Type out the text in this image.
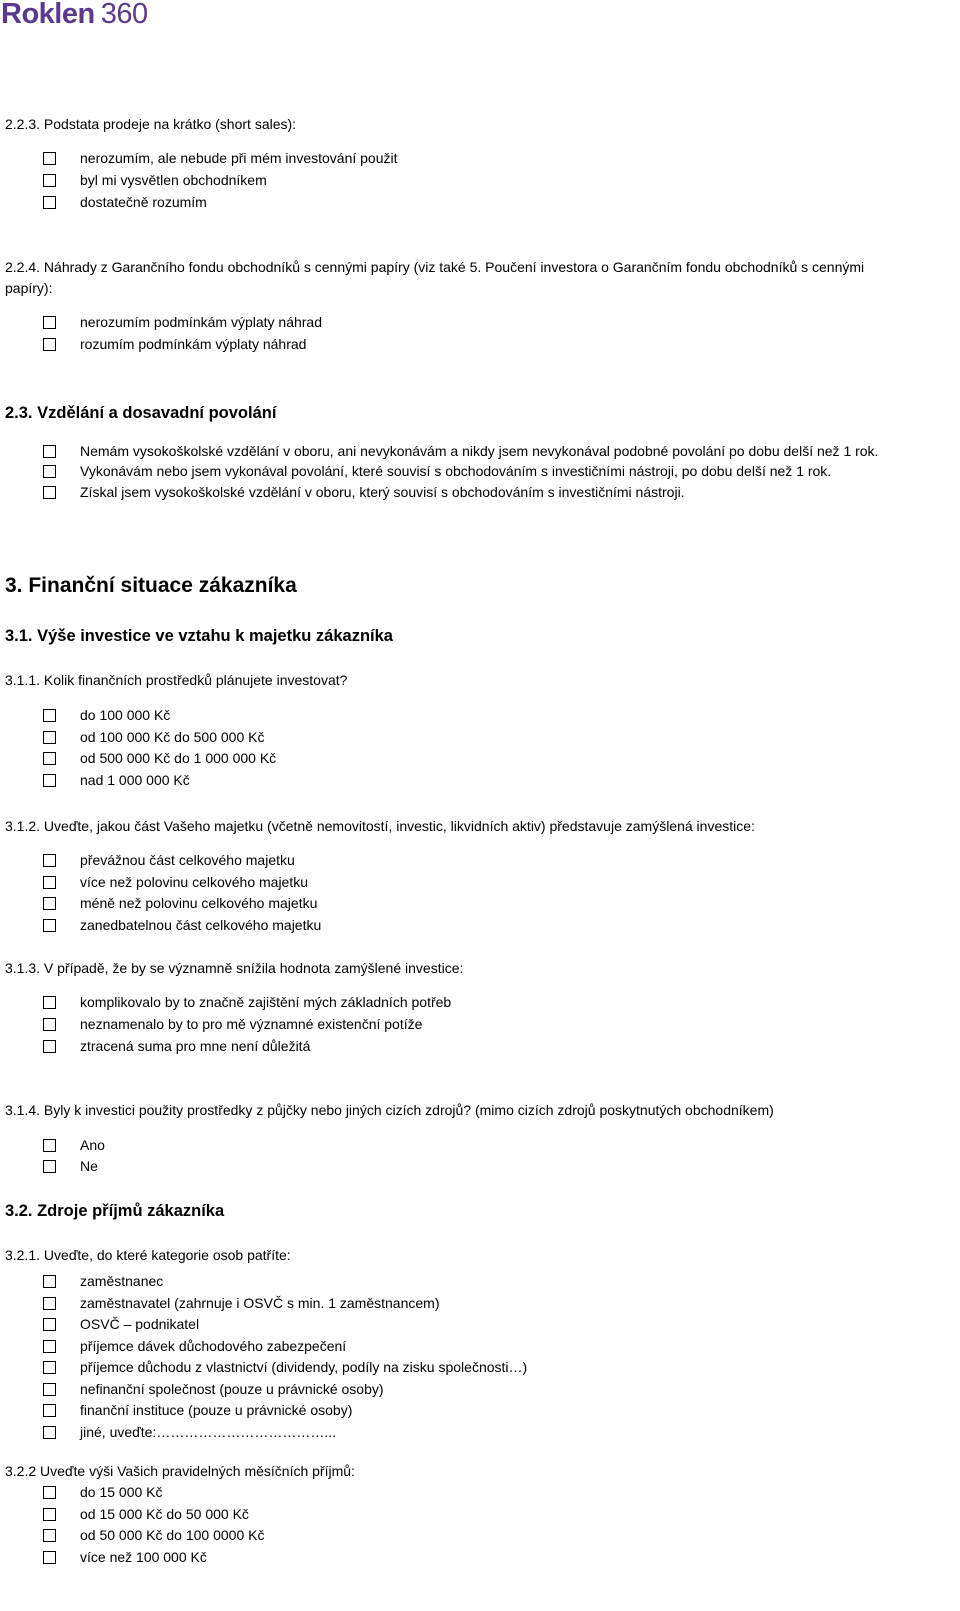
Roklen 360
2.2.3. Podstata prodeje na krátko (short sales):
nerozumím, ale nebude při mém investování použit
byl mi vysvětlen obchodníkem
dostatečně rozumím
2.2.4. Náhrady z Garančního fondu obchodníků s cennými papíry (viz také 5. Poučení investora o Garančním fondu obchodníků s cennými
papíry):
nerozumím podmínkám výplaty náhrad
rozumím podmínkám výplaty náhrad
2.3. Vzdělání a dosavadní povolání
Nemám vysokoškolské vzdělání v oboru, ani nevykonávám a nikdy jsem nevykonával podobné povolání po dobu delší než 1 rok.
Vykonávám nebo jsem vykonával povolání, které souvisí s obchodováním s investičními nástroji, po dobu delší než 1 rok.
Získal jsem vysokoškolské vzdělání v oboru, který souvisí s obchodováním s investičními nástroji.
3. Finanční situace zákazníka
3.1. Výše investice ve vztahu k majetku zákazníka
3.1.1. Kolik finančních prostředků plánujete investovat?
do 100 000 Kč
od 100 000 Kč do 500 000 Kč
od 500 000 Kč do 1 000 000 Kč
nad 1 000 000 Kč
3.1.2. Uveďte, jakou část Vašeho majetku (včetně nemovitostí, investic, likvidních aktiv) představuje zamýšlená investice:
převážnou část celkového majetku
více než polovinu celkového majetku
méně než polovinu celkového majetku
zanedbatelnou část celkového majetku
3.1.3. V případě, že by se významně snížila hodnota zamýšlené investice:
komplikovalo by to značně zajištění mých základních potřeb
neznamenalo by to pro mě významné existenční potíže
ztracená suma pro mne není důležitá
3.1.4. Byly k investici použity prostředky z půjčky nebo jiných cizích zdrojů? (mimo cizích zdrojů poskytnutých obchodníkem)
Ano
Ne
3.2. Zdroje příjmů zákazníka
3.2.1. Uveďte, do které kategorie osob patříte:
zaměstnanec
zaměstnavatel (zahrnuje i OSVČ s min. 1 zaměstnancem)
OSVČ – podnikatel
příjemce dávek důchodového zabezpečení
příjemce důchodu z vlastnictví (dividendy, podíly na zisku společnosti…)
nefinanční společnost (pouze u právnické osoby)
finanční instituce (pouze u právnické osoby)
jiné, uveďte:………………………………...
3.2.2 Uveďte výši Vašich pravidelných měsíčních příjmů:
do 15 000 Kč
od 15 000 Kč do 50 000 Kč
od 50 000 Kč do 100 0000 Kč
více než 100 000 Kč
